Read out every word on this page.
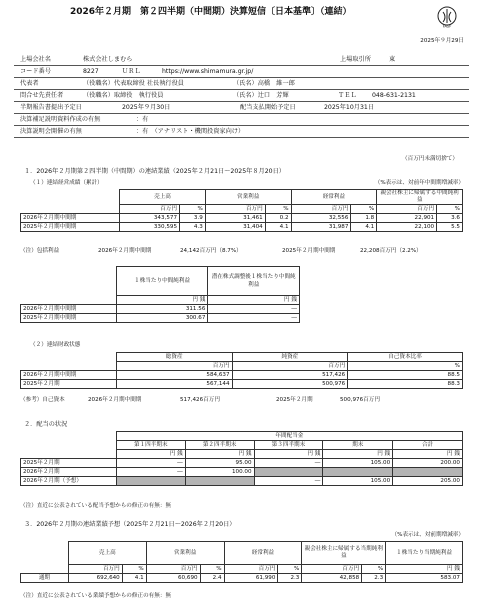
2026年２月期　第２四半期（中間期）決算短信〔日本基準〕（連結）
FASF
2025年９月29日
上場会社名	株式会社しまむら	上場取引所	東
コード番号	8227	ＵＲＬ	https://www.shimamura.gr.jp/
代表者	（役職名）代表取締役 社長執行役員	（氏名）高橋　維一郎
問合せ先責任者	（役職名）取締役　執行役員	（氏名）辻口　芳輝	ＴＥＬ 048-631-2131
半期報告書提出予定日	2025年９月30日	配当支払開始予定日	2025年10月31日
決算補足説明資料作成の有無	：有
決算説明会開催の有無	：有　（アナリスト・機関投資家向け）
（百万円未満切捨て）
１．2026年２月期第２四半期（中間期）の連結業績（2025年２月21日～2025年８月20日）
（１）連結経営成績（累計）	（%表示は、対前年中間期増減率）
	売上高		営業利益		経常利益		親会社株主に帰属する中間純利益	
	百万円	%	百万円	%	百万円	%	百万円	%
2026年２月期中間期	343,577	3.9	31,461	0.2	32,556	1.8	22,901	3.6
2025年２月期中間期	330,595	4.3	31,404	4.1	31,987	4.1	22,100	5.5
（注）包括利益	2026年２月期中間期	24,142百万円（8.7%）	2025年２月期中間期	22,208百万円（2.2%）
	１株当たり中間純利益	潜在株式調整後１株当たり中間純利益
	円 銭	円 銭
2026年２月期中間期	311.56	―
2025年２月期中間期	300.67	―
（２）連結財政状態
	総資産	純資産	自己資本比率
	百万円	百万円	%
2026年２月期中間期	584,637	517,426	88.5
2025年２月期	567,144	500,976	88.3
（参考）自己資本	2026年２月期中間期	517,426百万円	2025年２月期	500,976百万円
２．配当の状況
	年間配当金				
	第１四半期末	第２四半期末	第３四半期末	期末	合計
	円 銭	円 銭	円 銭	円 銭	円 銭
2025年２月期	―	95.00	―	105.00	200.00
2026年２月期	―	100.00			
2026年２月期（予想）			―	105.00	205.00
（注）直近に公表されている配当予想からの修正の有無：無
３．2026年２月期の連結業績予想（2025年２月21日～2026年２月20日）
（%表示は、対前期増減率）
	売上高		営業利益		経常利益		親会社株主に帰属する当期純利益		１株当たり当期純利益
	百万円	%	百万円	%	百万円	%	百万円	%	円 銭
通期	692,640	4.1	60,690	2.4	61,990	2.3	42,858	2.3	583.07
（注）直近に公表されている業績予想からの修正の有無：無
